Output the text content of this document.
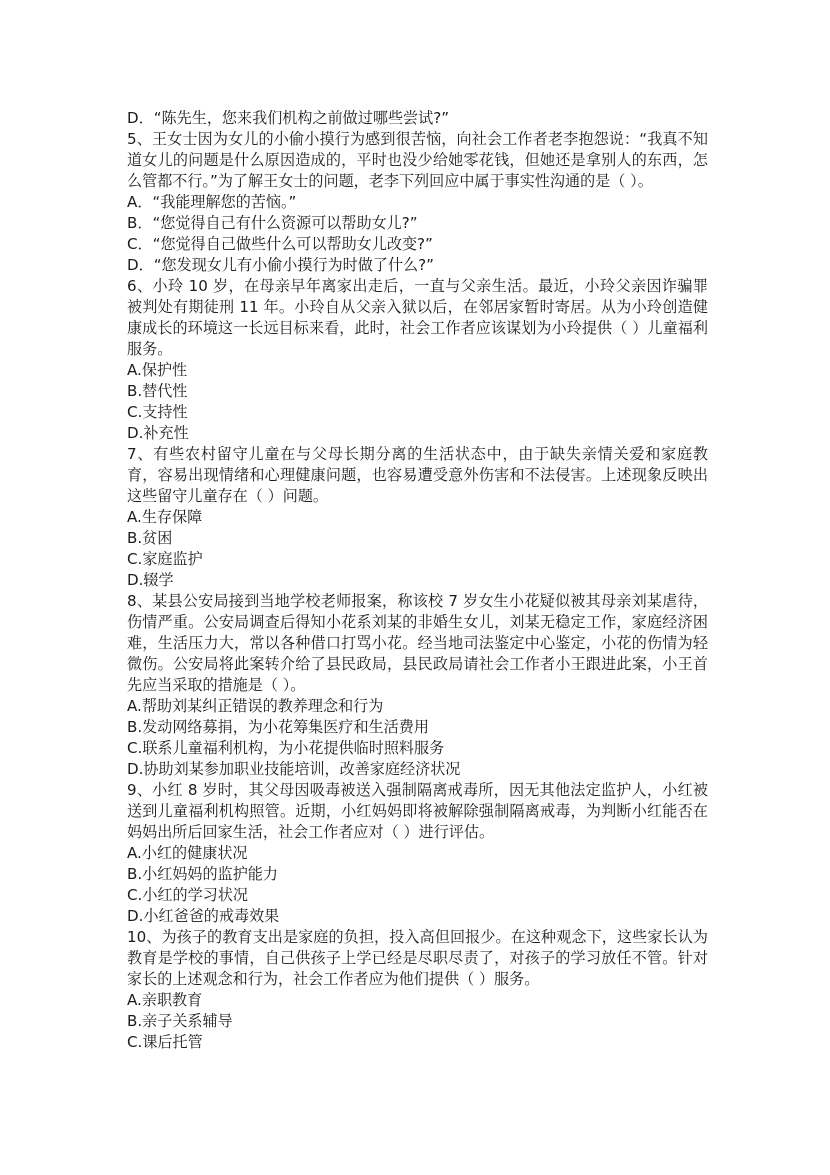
D．“陈先生，您来我们机构之前做过哪些尝试?”
5、王女士因为女儿的小偷小摸行为感到很苦恼，向社会工作者老李抱怨说：“我真不知道女儿的问题是什么原因造成的，平时也没少给她零花钱，但她还是拿别人的东西，怎么管都不行。”为了解王女士的问题，老李下列回应中属于事实性沟通的是（ ）。
A．“我能理解您的苦恼。”
B．“您觉得自己有什么资源可以帮助女儿?”
C．“您觉得自己做些什么可以帮助女儿改变?”
D．“您发现女儿有小偷小摸行为时做了什么?”
6、小玲 10 岁，在母亲早年离家出走后，一直与父亲生活。最近，小玲父亲因诈骗罪被判处有期徒刑 11 年。小玲自从父亲入狱以后，在邻居家暂时寄居。从为小玲创造健康成长的环境这一长远目标来看，此时，社会工作者应该谋划为小玲提供（ ）儿童福利服务。
A.保护性
B.替代性
C.支持性
D.补充性
7、有些农村留守儿童在与父母长期分离的生活状态中，由于缺失亲情关爱和家庭教育，容易出现情绪和心理健康问题，也容易遭受意外伤害和不法侵害。上述现象反映出这些留守儿童存在（ ）问题。
A.生存保障
B.贫困
C.家庭监护
D.辍学
8、某县公安局接到当地学校老师报案，称该校 7 岁女生小花疑似被其母亲刘某虐待，伤情严重。公安局调查后得知小花系刘某的非婚生女儿，刘某无稳定工作，家庭经济困难，生活压力大，常以各种借口打骂小花。经当地司法鉴定中心鉴定，小花的伤情为轻微伤。公安局将此案转介给了县民政局，县民政局请社会工作者小王跟进此案，小王首先应当采取的措施是（ ）。
A.帮助刘某纠正错误的教养理念和行为
B.发动网络募捐，为小花筹集医疗和生活费用
C.联系儿童福利机构，为小花提供临时照料服务
D.协助刘某参加职业技能培训，改善家庭经济状况
9、小红 8 岁时，其父母因吸毒被送入强制隔离戒毒所，因无其他法定监护人，小红被送到儿童福利机构照管。近期，小红妈妈即将被解除强制隔离戒毒，为判断小红能否在妈妈出所后回家生活，社会工作者应对（ ）进行评估。
A.小红的健康状况
B.小红妈妈的监护能力
C.小红的学习状况
D.小红爸爸的戒毒效果
10、为孩子的教育支出是家庭的负担，投入高但回报少。在这种观念下，这些家长认为教育是学校的事情，自己供孩子上学已经是尽职尽责了，对孩子的学习放任不管。针对家长的上述观念和行为，社会工作者应为他们提供（ ）服务。
A.亲职教育
B.亲子关系辅导
C.课后托管
